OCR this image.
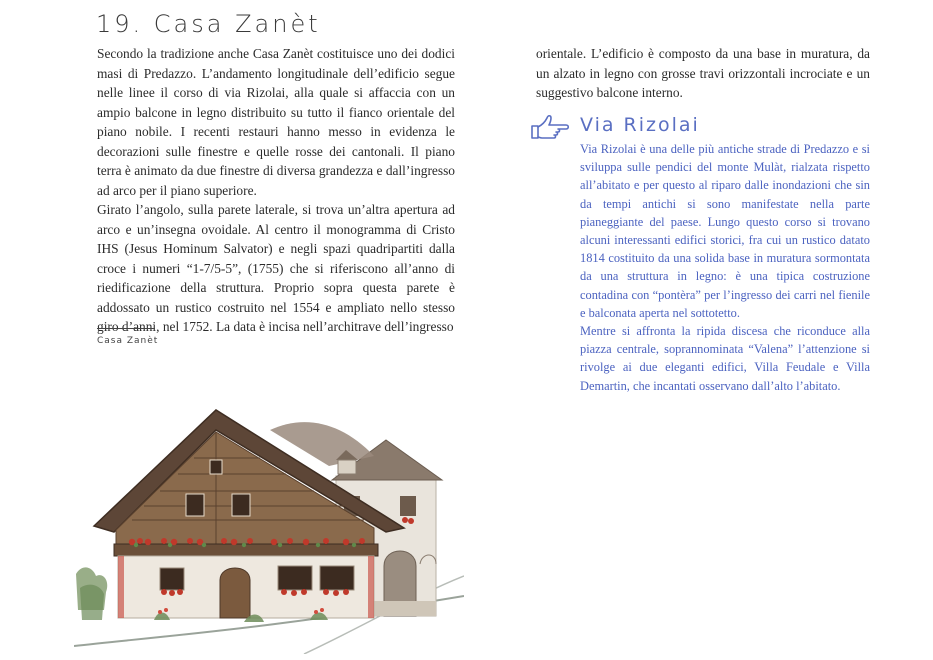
19. Casa Zanèt

Secondo la tradizione anche Casa Zanèt costituisce uno dei dodici masi di Predazzo. L’andamento longitudinale dell’edificio segue nelle linee il corso di via Rizolai, alla quale si affaccia con un ampio balcone in legno distribuito su tutto il fianco orientale del piano nobile. I recenti restauri hanno messo in evidenza le decorazioni sulle finestre e quelle rosse dei cantonali. Il piano terra è animato da due finestre di diversa grandezza e dall’ingresso ad arco per il piano superiore.

Girato l’angolo, sulla parete laterale, si trova un’altra apertura ad arco e un’insegna ovoidale. Al centro il monogramma di Cristo IHS (Jesus Hominum Salvator) e negli spazi quadripartiti dalla croce i numeri “1-7/5-5”, (1755) che si riferiscono all’anno di riedificazione della struttura. Proprio sopra questa parete è addossato un rustico costruito nel 1554 e ampliato nello stesso giro d’anni, nel 1752. La data è incisa nell’architrave dell’ingresso

Casa Zanèt

orientale. L’edificio è composto da una base in muratura, da un alzato in legno con grosse travi orizzontali incrociate e un suggestivo balcone interno.

Via Rizolai

Via Rizolai è una delle più antiche strade di Predazzo e si sviluppa sulle pendici del monte Mulàt, rialzata rispetto all’abitato e per questo al riparo dalle inondazioni che sin da tempi antichi si sono manifestate nella parte pianeggiante del paese. Lungo questo corso si trovano alcuni interessanti edifici storici, fra cui un rustico datato 1814 costituito da una solida base in muratura sormontata da una struttura in legno: è una tipica costruzione contadina con “pontèra” per l’ingresso dei carri nel fienile e balconata aperta nel sottotetto.

Mentre si affronta la ripida discesa che riconduce alla piazza centrale, soprannominata “Valena” l’attenzione si rivolge ai due eleganti edifici, Villa Feudale e Villa Demartin, che incantati osservano dall’alto l’abitato.
